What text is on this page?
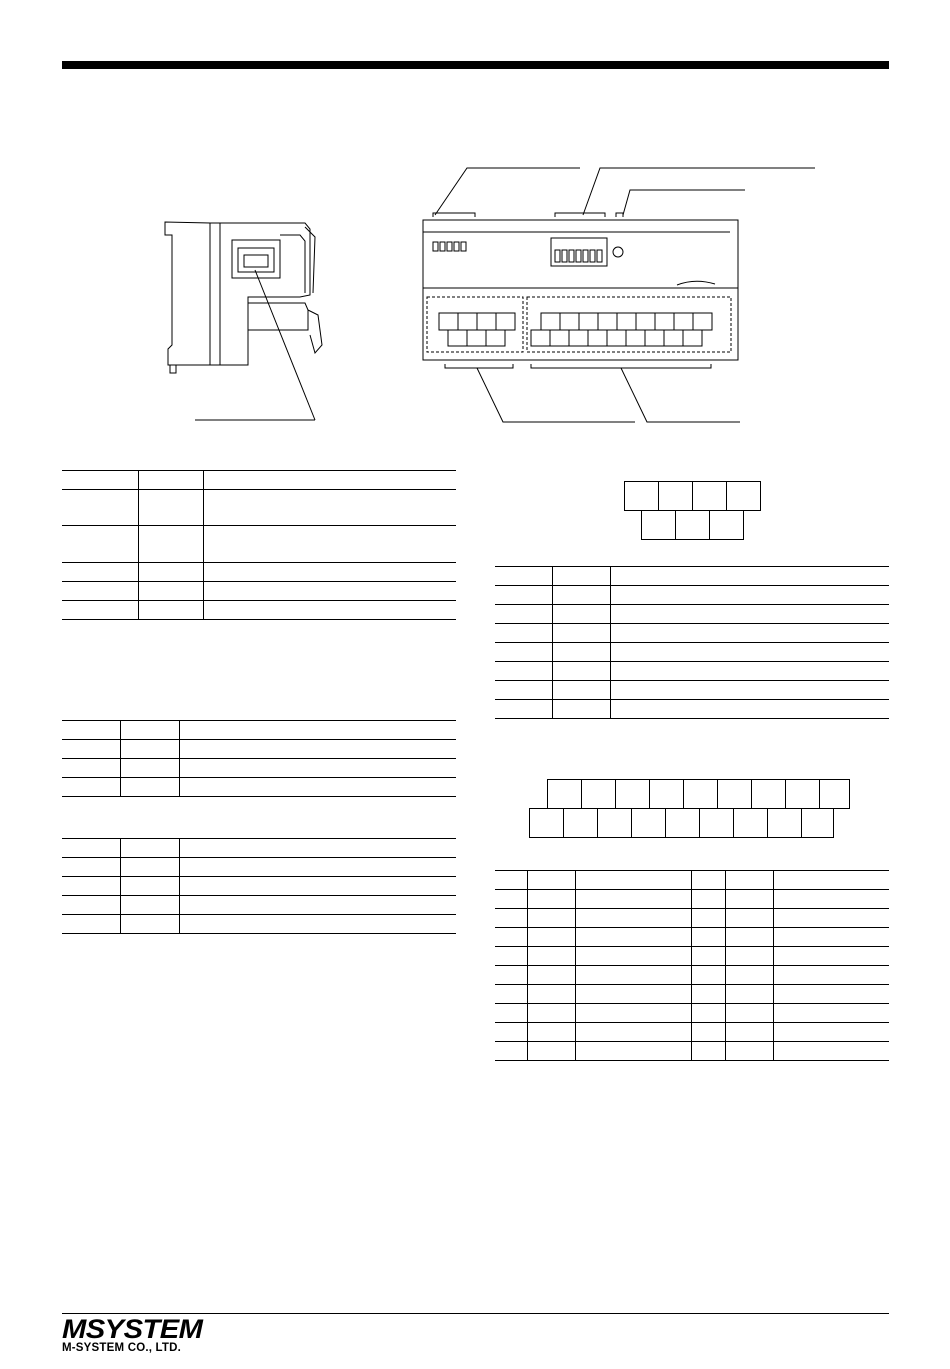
MSYSTEM
M-SYSTEM CO., LTD.
